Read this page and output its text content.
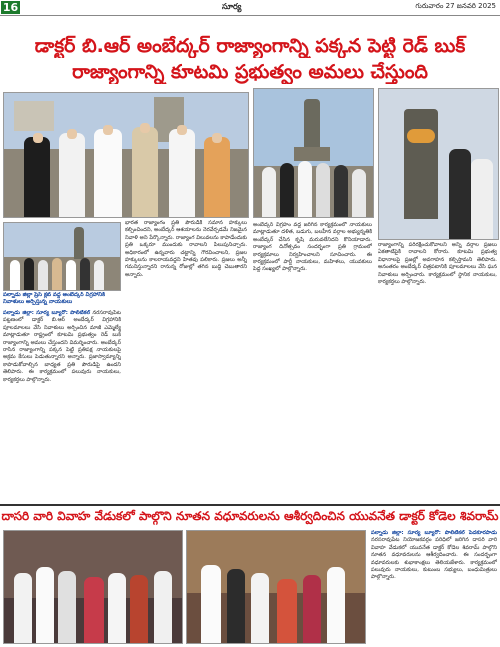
16	సూర్య	గురువారం 27 జనవరి 2025
డాక్టర్ బి.ఆర్ అంబేద్కర్ రాజ్యాంగాన్ని పక్కన పెట్టి రెడ్ బుక్
రాజ్యాంగాన్ని కూటమి ప్రభుత్వం అమలు చేస్తుంది
పల్నాడు జిల్లా ప్రెస్ క్లబ్ వద్ద అంబేద్కర్ విగ్రహానికి నివాళులు అర్పిస్తున్న నాయకులు
పల్నాడు జిల్లా: సూర్య బ్యూరో: పొలిటికల్ నరసరావుపేట పట్టణంలో డాక్టర్ బి.ఆర్ అంబేద్కర్ విగ్రహానికి పూలమాలలు వేసి నివాళులు అర్పించిన మాజీ ఎమ్మెల్యే మాట్లాడుతూ రాష్ట్రంలో కూటమి ప్రభుత్వం రెడ్ బుక్ రాజ్యాంగాన్ని అమలు చేస్తుందని విమర్శించారు. అంబేద్కర్ రాసిన రాజ్యాంగాన్ని పక్కన పెట్టి ప్రతిపక్ష నాయకులపై అక్రమ కేసులు పెడుతున్నారని అన్నారు. ప్రజాస్వామ్యాన్ని కాపాడుకోవాల్సిన బాధ్యత ప్రతి పౌరుడిపై ఉందని తెలిపారు. ఈ కార్యక్రమంలో పలువురు నాయకులు, కార్యకర్తలు పాల్గొన్నారు.
భారత రాజ్యాంగం ప్రతి పౌరుడికి సమాన హక్కులు కల్పించిందని, అంబేద్కర్ ఆశయాలను నెరవేర్చడమే నిజమైన నివాళి అని పేర్కొన్నారు. రాజ్యాంగ విలువలను కాపాడేందుకు ప్రతి ఒక్కరూ ముందుకు రావాలని పిలుపునిచ్చారు. అధికారంలో ఉన్నవారు చట్టాన్ని గౌరవించాలని, ప్రజల హక్కులను కాలరాయవద్దని హితవు పలికారు. ప్రజలు అన్నీ గమనిస్తున్నారని రానున్న రోజుల్లో తగిన బుద్ధి చెబుతారని అన్నారు.
అంబేద్కర్ విగ్రహం వద్ద జరిగిన కార్యక్రమంలో నాయకులు మాట్లాడుతూ దళిత, బడుగు, బలహీన వర్గాల అభ్యున్నతికి అంబేద్కర్ చేసిన కృషి మరువలేనిదని కొనియాడారు. రాజ్యాంగ దినోత్సవం సందర్భంగా ప్రతి గ్రామంలో కార్యక్రమాలు నిర్వహించాలని సూచించారు. ఈ కార్యక్రమంలో పార్టీ నాయకులు, మహిళలు, యువకులు పెద్ద సంఖ్యలో పాల్గొన్నారు.
రాజ్యాంగాన్ని పరిరక్షించుకోవాలని అన్ని వర్గాల ప్రజలు ఏకతాటిపైకి రావాలని కోరారు. కూటమి ప్రభుత్వ విధానాలపై ప్రజల్లో అవగాహన కల్పిస్తామని తెలిపారు. అనంతరం అంబేద్కర్ చిత్రపటానికి పూలమాలలు వేసి ఘన నివాళులు అర్పించారు. కార్యక్రమంలో స్థానిక నాయకులు, కార్యకర్తలు పాల్గొన్నారు.
దాసరి వారి వివాహ వేడుకలో పాల్గొని నూతన వధూవరులను ఆశీర్వదించిన యువనేత డాక్టర్ కోడెల శివరామ్
పల్నాడు జిల్లా: సూర్య బ్యూరో: పొలిటికల్ పెదకూరపాడు నరసరావుపేట నియోజకవర్గం పరిధిలో జరిగిన దాసరి వారి వివాహ వేడుకలో యువనేత డాక్టర్ కోడెల శివరామ్ పాల్గొని నూతన వధూవరులను ఆశీర్వదించారు. ఈ సందర్భంగా వధూవరులకు శుభాకాంక్షలు తెలియజేశారు. కార్యక్రమంలో పలువురు నాయకులు, కుటుంబ సభ్యులు, బంధుమిత్రులు పాల్గొన్నారు.
